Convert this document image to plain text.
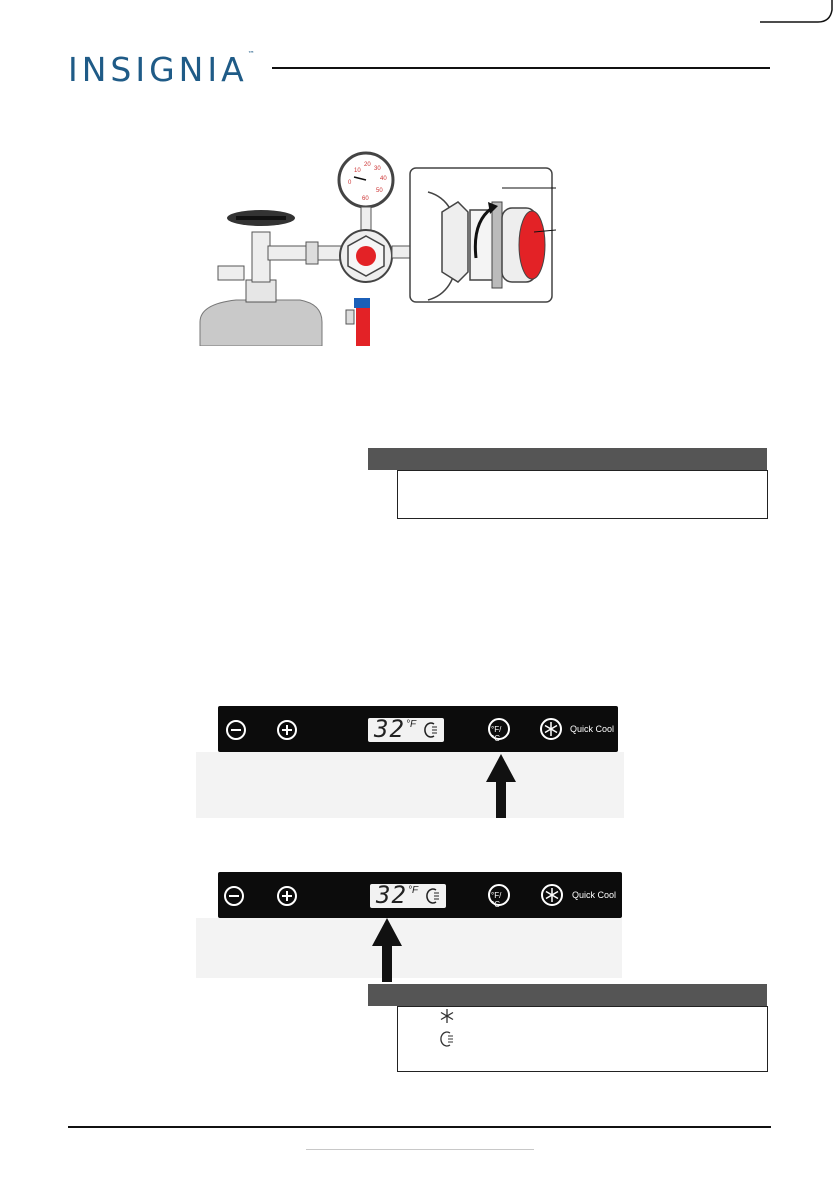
INSIGNIA™
10
20
30
40
50
60
0
32 °F	°F/°C
Quick Cool
32 °F	°F/°C
Quick Cool
